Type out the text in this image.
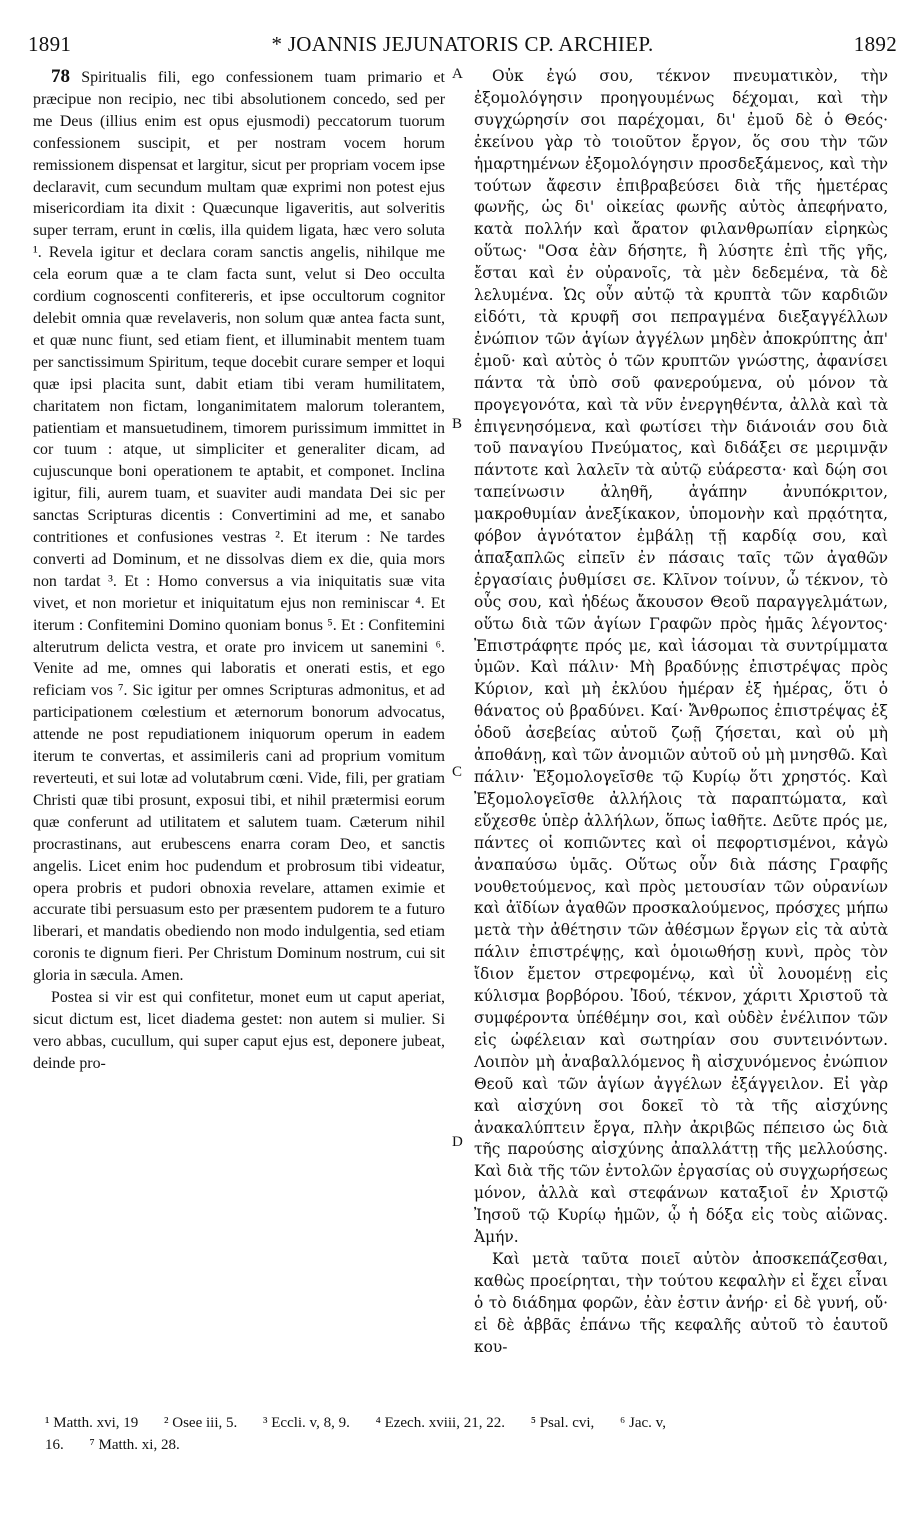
1891	* JOANNIS JEJUNATORIS CP. ARCHIEP.	1892

78 Spiritualis fili, ego confessionem tuam primario et præcipue non recipio, nec tibi absolutionem concedo, sed per me Deus (illius enim est opus ejusmodi) peccatorum tuorum confessionem suscipit, et per nostram vocem horum remissionem dispensat et largitur, sicut per propriam vocem ipse declaravit, cum secundum multam quæ exprimi non potest ejus misericordiam ita dixit : Quæcunque ligaveritis, aut solveritis super terram, erunt in cœlis, illa quidem ligata, hæc vero soluta ¹. Revela igitur et declara coram sanctis angelis, nihilque me cela eorum quæ a te clam facta sunt, velut si Deo occulta cordium cognoscenti confitereris, et ipse occultorum cognitor delebit omnia quæ revelaveris, non solum quæ antea facta sunt, et quæ nunc fiunt, sed etiam fient, et illuminabit mentem tuam per sanctissimum Spiritum, teque docebit curare semper et loqui quæ ipsi placita sunt, dabit etiam tibi veram humilitatem, charitatem non fictam, longanimitatem malorum tolerantem, patientiam et mansuetudinem, timorem purissimum immittet in cor tuum : atque, ut simpliciter et generaliter dicam, ad cujuscunque boni operationem te aptabit, et componet. Inclina igitur, fili, aurem tuam, et suaviter audi mandata Dei sic per sanctas Scripturas dicentis : Convertimini ad me, et sanabo contritiones et confusiones vestras ². Et iterum : Ne tardes converti ad Dominum, et ne dissolvas diem ex die, quia mors non tardat ³. Et : Homo conversus a via iniquitatis suæ vita vivet, et non morietur et iniquitatum ejus non reminiscar ⁴. Et iterum : Confitemini Domino quoniam bonus ⁵. Et : Confitemini alterutrum delicta vestra, et orate pro invicem ut sanemini ⁶. Venite ad me, omnes qui laboratis et onerati estis, et ego reficiam vos ⁷. Sic igitur per omnes Scripturas admonitus, et ad participationem cœlestium et æternorum bonorum advocatus, attende ne post repudiationem iniquorum operum in eadem iterum te convertas, et assimileris cani ad proprium vomitum reverteuti, et sui lotæ ad volutabrum cœni. Vide, fili, per gratiam Christi quæ tibi prosunt, exposui tibi, et nihil prætermisi eorum quæ conferunt ad utilitatem et salutem tuam. Cæterum nihil procrastinans, aut erubescens enarra coram Deo, et sanctis angelis. Licet enim hoc pudendum et probrosum tibi videatur, opera probris et pudori obnoxia revelare, attamen eximie et accurate tibi persuasum esto per præsentem pudorem te a futuro liberari, et mandatis obediendo non modo indulgentia, sed etiam coronis te dignum fieri. Per Christum Dominum nostrum, cui sit gloria in sæcula. Amen.

Postea si vir est qui confitetur, monet eum ut caput aperiat, sicut dictum est, licet diadema gestet: non autem si mulier. Si vero abbas, cucullum, qui super caput ejus est, deponere jubeat, deinde pro-

Οὐκ ἐγώ σου, τέκνον πνευματικὸν, τὴν ἐξομολόγησιν προηγουμένως δέχομαι, καὶ τὴν συγχώρησίν σοι παρέχομαι, δι' ἐμοῦ δὲ ὁ Θεός· ἐκείνου γὰρ τὸ τοιοῦτον ἔργον, ὅς σου τὴν τῶν ἡμαρτημένων ἐξομολόγησιν προσδεξάμενος, καὶ τὴν τούτων ἄφεσιν ἐπιβραβεύσει διὰ τῆς ἡμετέρας φωνῆς, ὡς δι' οἰκείας φωνῆς αὐτὸς ἀπεφήνατο, κατὰ πολλήν καὶ ἄρατον φιλανθρωπίαν εἰρηκὼς οὕτως· "Οσα ἐὰν δήσητε, ἢ λύσητε ἐπὶ τῆς γῆς, ἔσται καὶ ἐν οὐρανοῖς, τὰ μὲν δεδεμένα, τὰ δὲ λελυμένα. Ὡς οὖν αὐτῷ τὰ κρυπτὰ τῶν καρδιῶν εἰδότι, τὰ κρυφῆ σοι πεπραγμένα διεξαγγέλλων ἐνώπιον τῶν ἁγίων ἀγγέλων μηδὲν ἀποκρύπτης ἀπ' ἐμοῦ· καὶ αὐτὸς ὁ τῶν κρυπτῶν γνώστης, ἀφανίσει πάντα τὰ ὑπὸ σοῦ φανερούμενα, οὐ μόνον τὰ προγεγονότα, καὶ τὰ νῦν ἐνεργηθέντα, ἀλλὰ καὶ τὰ ἐπιγενησόμενα, καὶ φωτίσει τὴν διάνοιάν σου διὰ τοῦ παναγίου Πνεύματος, καὶ διδάξει σε μεριμνᾷν πάντοτε καὶ λαλεῖν τὰ αὐτῷ εὐάρεστα· καὶ δῴη σοι ταπείνωσιν ἀληθῆ, ἀγάπην ἀνυπόκριτον, μακροθυμίαν ἀνεξίκακον, ὑπομονὴν καὶ πρᾳότητα, φόβον ἁγνότατον ἐμβάλῃ τῇ καρδίᾳ σου, καὶ ἁπαξαπλῶς εἰπεῖν ἐν πάσαις ταῖς τῶν ἀγαθῶν ἐργασίαις ῥυθμίσει σε. Κλῖνον τοίνυν, ὦ τέκνον, τὸ οὖς σου, καὶ ἡδέως ἄκουσον Θεοῦ παραγγελμάτων, οὕτω διὰ τῶν ἁγίων Γραφῶν πρὸς ἡμᾶς λέγοντος· Ἐπιστράφητε πρός με, καὶ ἰάσομαι τὰ συντρίμματα ὑμῶν. Καὶ πάλιν· Μὴ βραδύνῃς ἐπιστρέψας πρὸς Κύριον, καὶ μὴ ἐκλύου ἡμέραν ἐξ ἡμέρας, ὅτι ὁ θάνατος οὐ βραδύνει. Καί· Ἄνθρωπος ἐπιστρέψας ἐξ ὁδοῦ ἀσεβείας αὐτοῦ ζωῇ ζήσεται, καὶ οὐ μὴ ἀποθάνῃ, καὶ τῶν ἀνομιῶν αὐτοῦ οὐ μὴ μνησθῶ. Καὶ πάλιν· Ἐξομολογεῖσθε τῷ Κυρίῳ ὅτι χρηστός. Καὶ Ἐξομολογεῖσθε ἀλλήλοις τὰ παραπτώματα, καὶ εὔχεσθε ὑπὲρ ἀλλήλων, ὅπως ἰαθῆτε. Δεῦτε πρός με, πάντες οἱ κοπιῶντες καὶ οἱ πεφορτισμένοι, κἀγὼ ἀναπαύσω ὑμᾶς. Οὕτως οὖν διὰ πάσης Γραφῆς νουθετούμενος, καὶ πρὸς μετουσίαν τῶν οὐρανίων καὶ ἀϊδίων ἀγαθῶν προσκαλούμενος, πρόσχες μήπω μετὰ τὴν ἀθέτησιν τῶν ἀθέσμων ἔργων εἰς τὰ αὐτὰ πάλιν ἐπιστρέψῃς, καὶ ὁμοιωθήσῃ κυνὶ, πρὸς τὸν ἴδιον ἔμετον στρεφομένῳ, καὶ ὑῒ λουομένῃ εἰς κύλισμα βορβόρου. Ἰδού, τέκνον, χάριτι Χριστοῦ τὰ συμφέροντα ὑπέθέμην σοι, καὶ οὐδὲν ἐνέλιπον τῶν εἰς ὠφέλειαν καὶ σωτηρίαν σου συντεινόντων. Λοιπὸν μὴ ἀναβαλλόμενος ἢ αἰσχυνόμενος ἐνώπιον Θεοῦ καὶ τῶν ἁγίων ἀγγέλων ἐξάγγειλον. Εἰ γὰρ καὶ αἰσχύνη σοι δοκεῖ τὸ τὰ τῆς αἰσχύνης ἀνακαλύπτειν ἔργα, πλὴν ἀκριβῶς πέπεισο ὡς διὰ τῆς παρούσης αἰσχύνης ἀπαλλάττῃ τῆς μελλούσης. Καὶ διὰ τῆς τῶν ἐντολῶν ἐργασίας οὐ συγχωρήσεως μόνον, ἀλλὰ καὶ στεφάνων καταξιοῖ ἐν Χριστῷ Ἰησοῦ τῷ Κυρίῳ ἡμῶν, ᾧ ἡ δόξα εἰς τοὺς αἰῶνας. Ἀμήν.

Καὶ μετὰ ταῦτα ποιεῖ αὐτὸν ἀποσκεπάζεσθαι, καθὼς προείρηται, τὴν τούτου κεφαλὴν εἰ ἔχει εἶναι ὁ τὸ διάδημα φορῶν, ἐὰν ἐστιν ἀνήρ· εἰ δὲ γυνή, οὔ· εἰ δὲ ἀββᾶς ἐπάνω τῆς κεφαλῆς αὐτοῦ τὸ ἑαυτοῦ κου-

A
B
C
D
¹ Matth. xvi, 19 ² Osee iii, 5. ³ Eccli. v, 8, 9. ⁴ Ezech. xviii, 21, 22. ⁵ Psal. cvi, ⁶ Jac. v,
16. ⁷ Matth. xi, 28.
